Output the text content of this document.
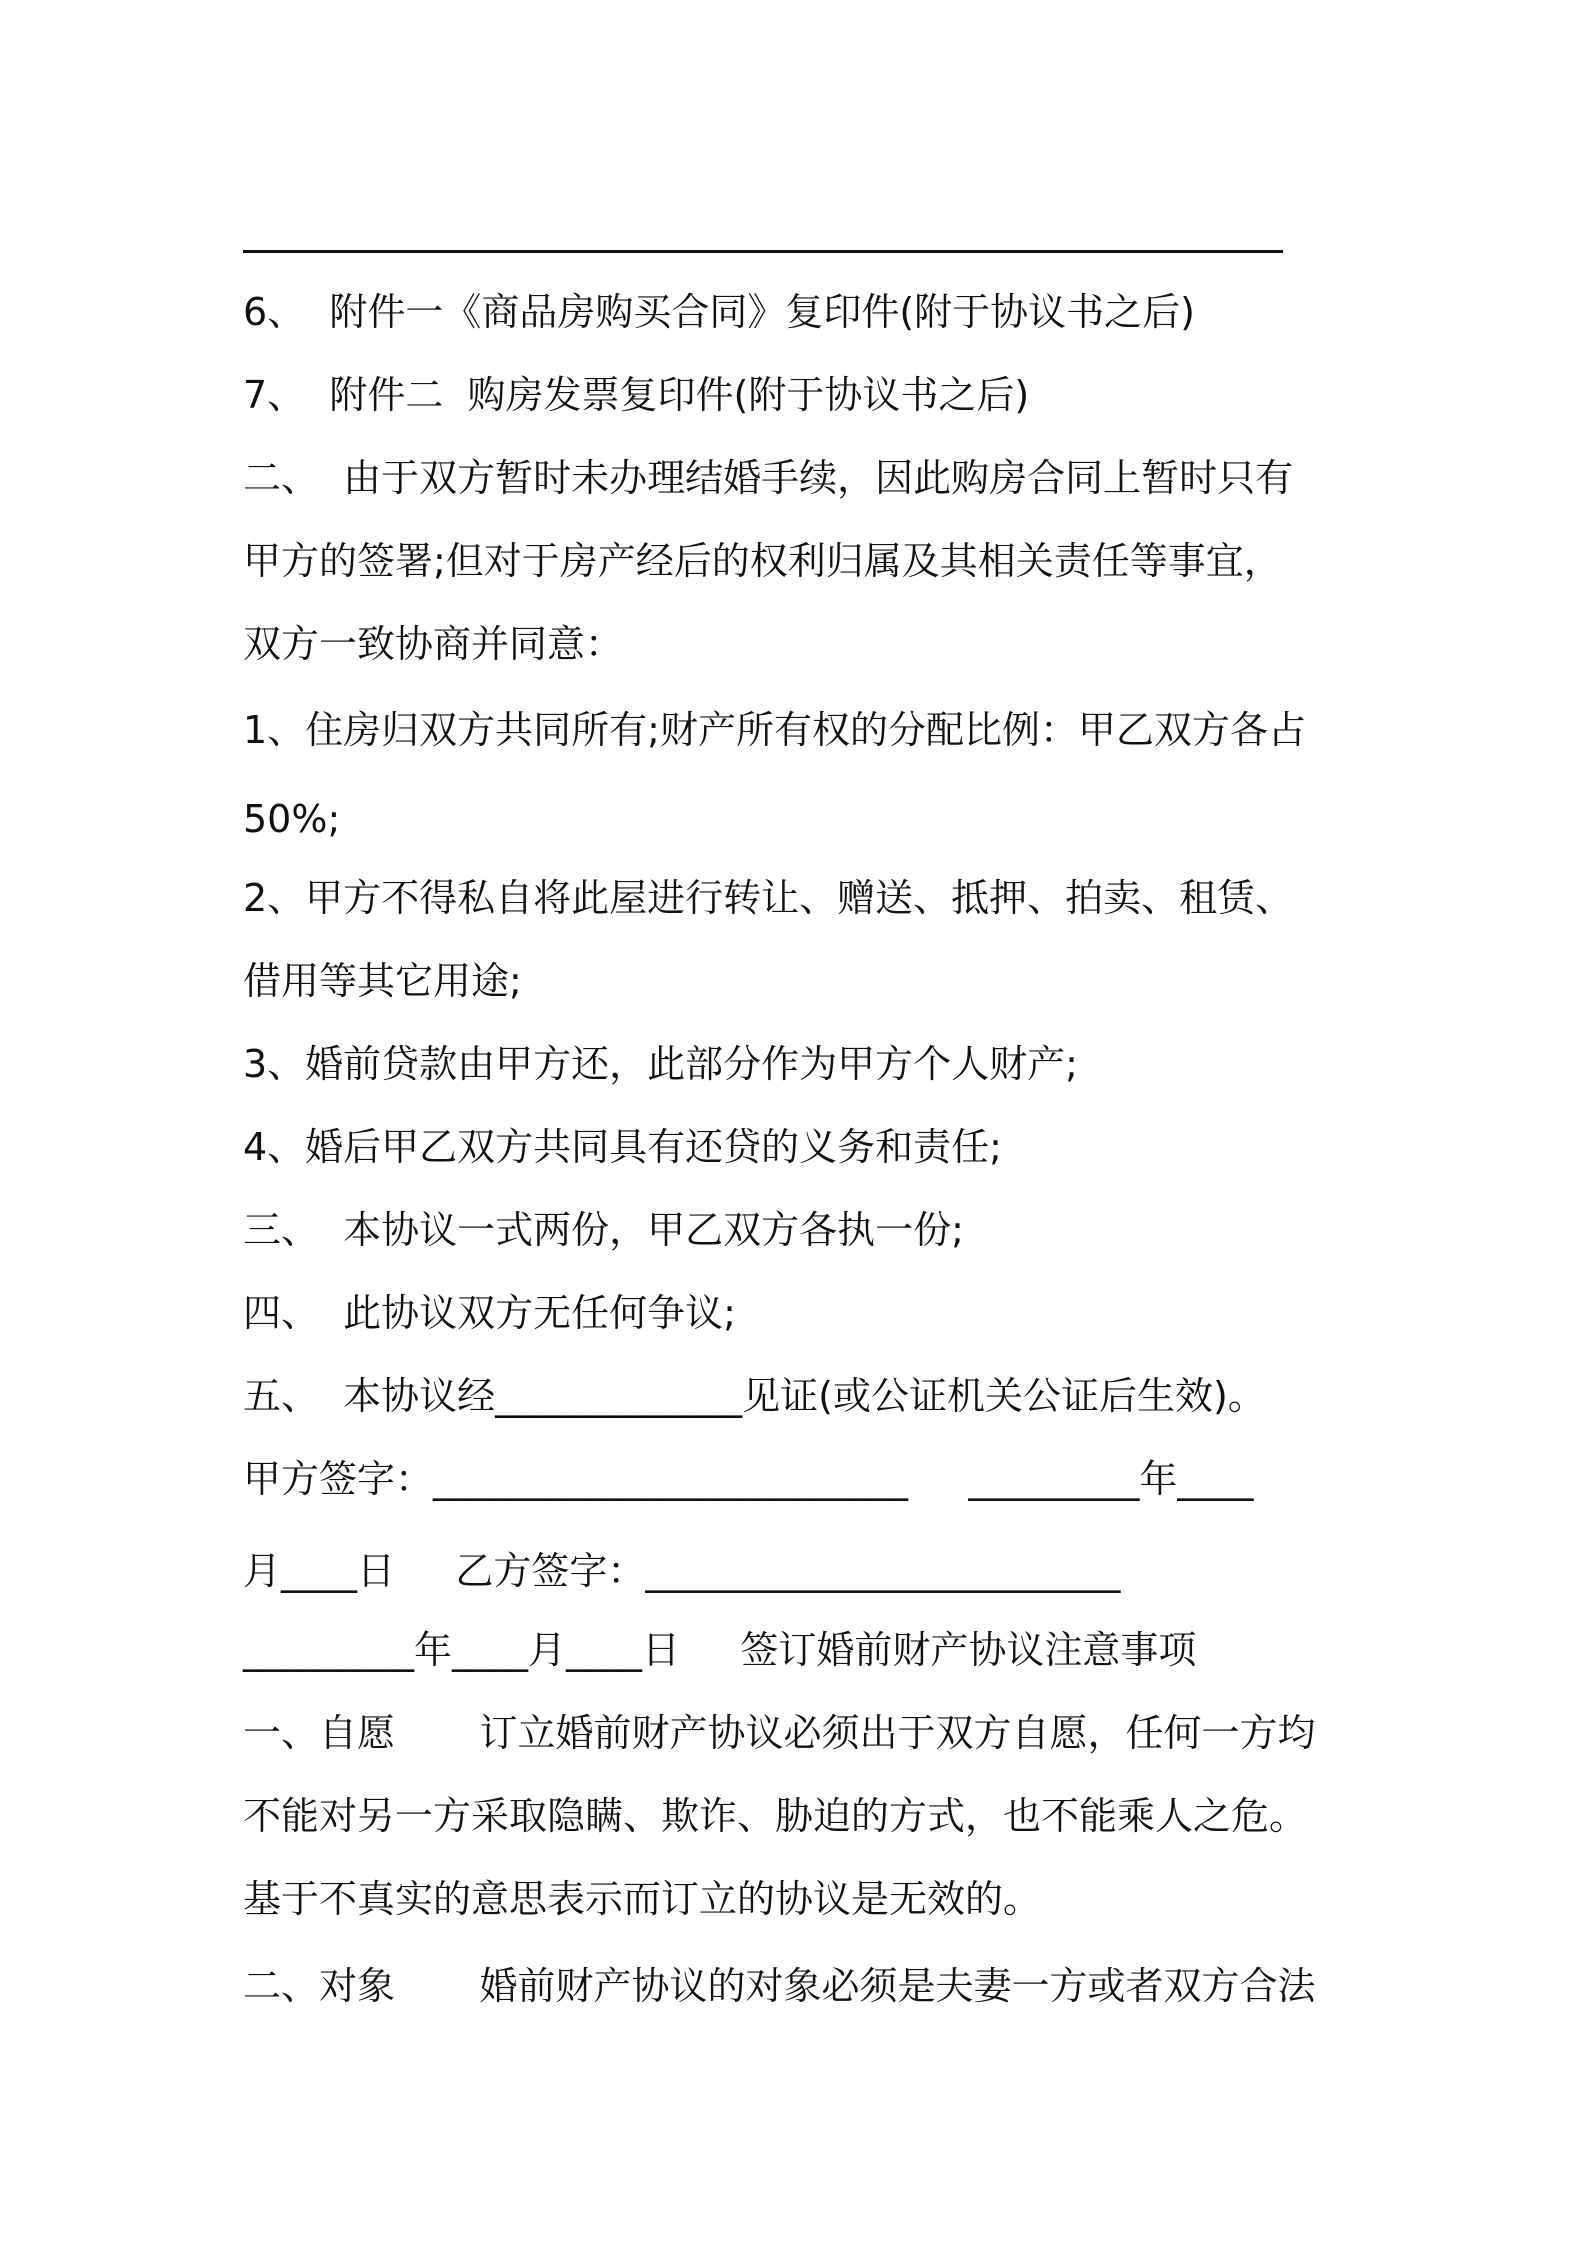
6、  附件一《商品房购买合同》复印件(附于协议书之后)
7、  附件二  购房发票复印件(附于协议书之后)
二、  由于双方暂时未办理结婚手续，因此购房合同上暂时只有
甲方的签署;但对于房产经后的权利归属及其相关责任等事宜，
双方一致协商并同意：
1、住房归双方共同所有;财产所有权的分配比例：甲乙双方各占
50%;
2、甲方不得私自将此屋进行转让、赠送、抵押、拍卖、租赁、
借用等其它用途;
3、婚前贷款由甲方还，此部分作为甲方个人财产;
4、婚后甲乙双方共同具有还贷的义务和责任;
三、  本协议一式两份，甲乙双方各执一份;
四、  此协议双方无任何争议;
五、  本协议经_____________见证(或公证机关公证后生效)。
甲方签字：_________________________     _________年____
月____日     乙方签字：_________________________
_________年____月____日     签订婚前财产协议注意事项
一、自愿       订立婚前财产协议必须出于双方自愿，任何一方均
不能对另一方采取隐瞒、欺诈、胁迫的方式，也不能乘人之危。
基于不真实的意思表示而订立的协议是无效的。
二、对象       婚前财产协议的对象必须是夫妻一方或者双方合法
